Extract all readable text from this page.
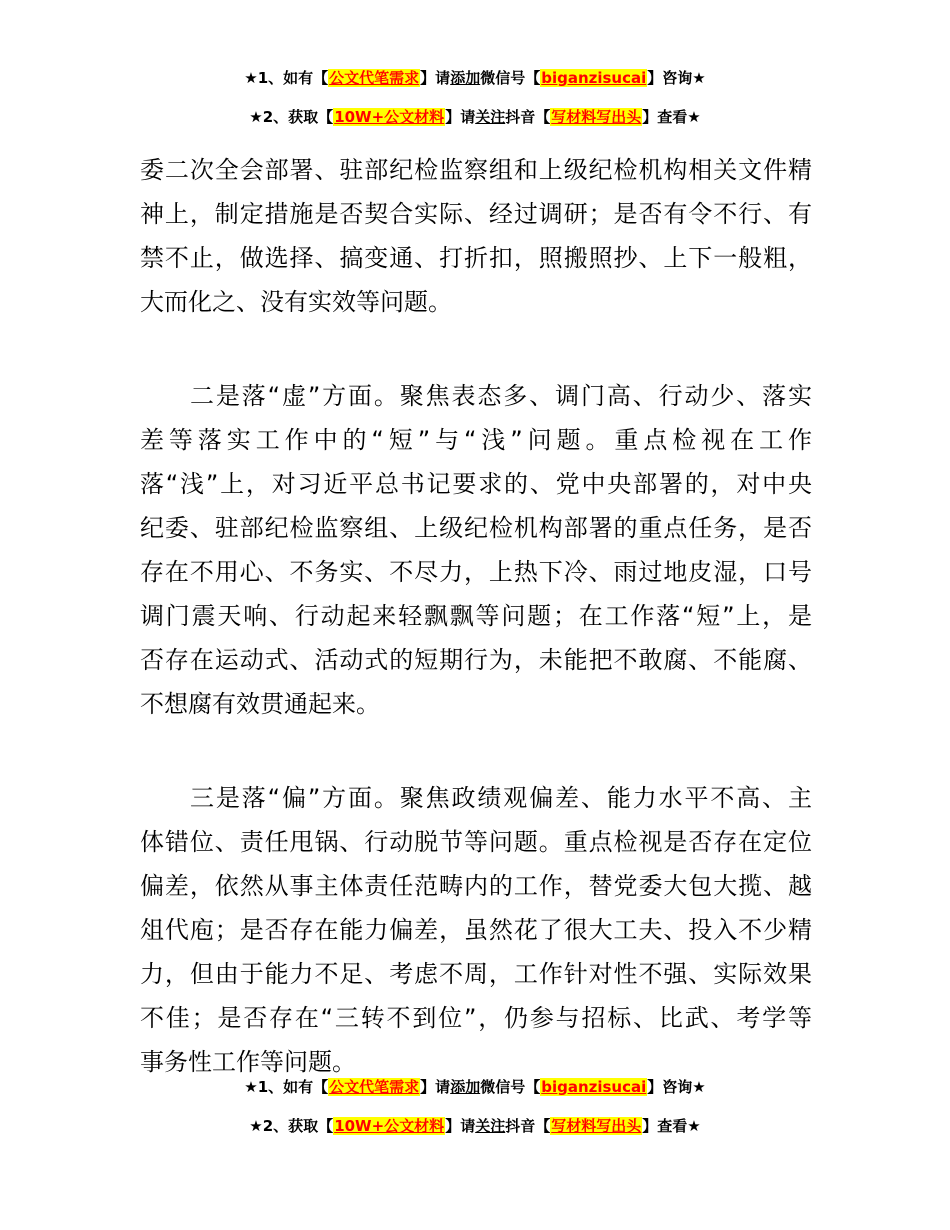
★1、如有【公文代笔需求】请添加微信号【biganzisucai】咨询★
★2、获取【10W+公文材料】请关注抖音【写材料写出头】查看★
委二次全会部署、驻部纪检监察组和上级纪检机构相关文件精
神上，制定措施是否契合实际、经过调研；是否有令不行、有
禁不止，做选择、搞变通、打折扣，照搬照抄、上下一般粗，
大而化之、没有实效等问题。
二是落“虚”方面。聚焦表态多、调门高、行动少、落实
差等落实工作中的“短”与“浅”问题。重点检视在工作
落“浅”上，对习近平总书记要求的、党中央部署的，对中央
纪委、驻部纪检监察组、上级纪检机构部署的重点任务，是否
存在不用心、不务实、不尽力，上热下冷、雨过地皮湿，口号
调门震天响、行动起来轻飘飘等问题；在工作落“短”上，是
否存在运动式、活动式的短期行为，未能把不敢腐、不能腐、
不想腐有效贯通起来。
三是落“偏”方面。聚焦政绩观偏差、能力水平不高、主
体错位、责任甩锅、行动脱节等问题。重点检视是否存在定位
偏差，依然从事主体责任范畴内的工作，替党委大包大揽、越
俎代庖；是否存在能力偏差，虽然花了很大工夫、投入不少精
力，但由于能力不足、考虑不周，工作针对性不强、实际效果
不佳；是否存在“三转不到位”，仍参与招标、比武、考学等
事务性工作等问题。
★1、如有【公文代笔需求】请添加微信号【biganzisucai】咨询★
★2、获取【10W+公文材料】请关注抖音【写材料写出头】查看★
